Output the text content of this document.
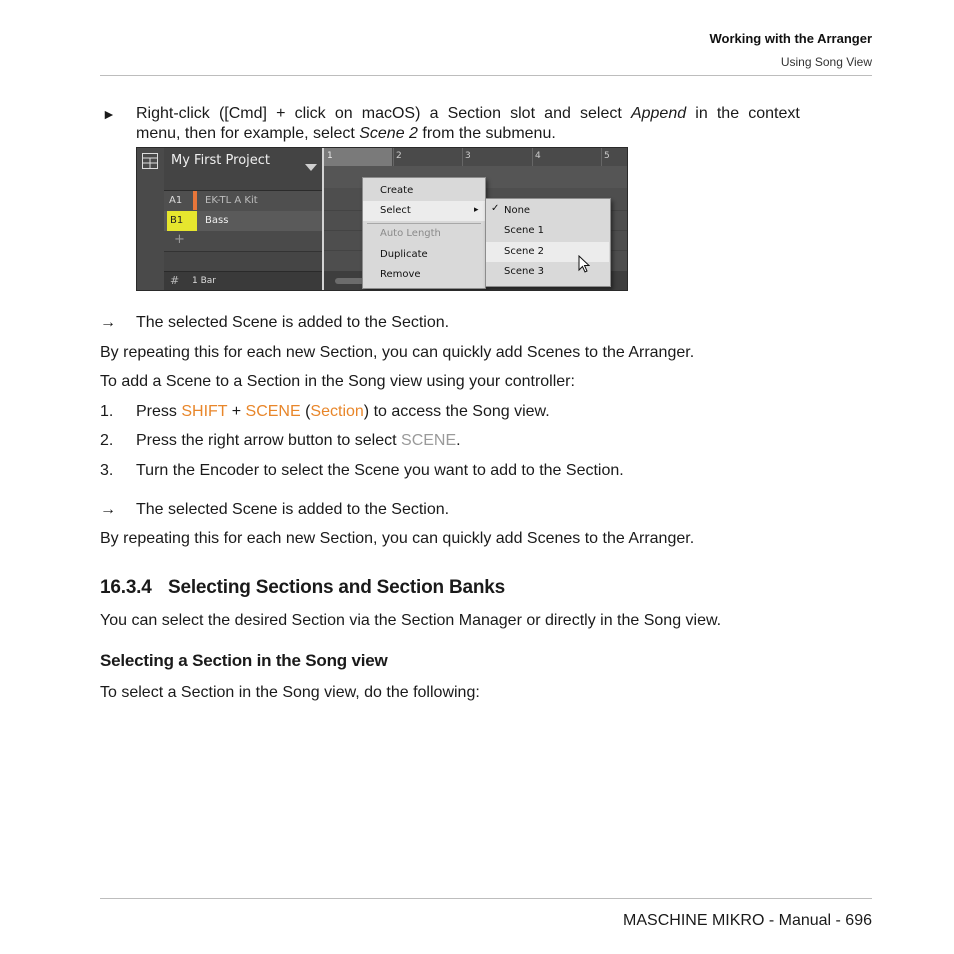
Working with the Arranger
Using Song View
► Right-click ([Cmd] + click on macOS) a Section slot and select Append in the context
menu, then for example, select Scene 2 from the submenu.
My First Project
A1 EK-TL A Kit
B1 Bass
+
# 1 Bar
1	2	3	4	5
Create
Select	▸
Auto Length
Duplicate
Remove
✓ None
Scene 1
Scene 2
Scene 3
→ The selected Scene is added to the Section.
By repeating this for each new Section, you can quickly add Scenes to the Arranger.
To add a Scene to a Section in the Song view using your controller:
1. Press SHIFT + SCENE (Section) to access the Song view.
2. Press the right arrow button to select SCENE.
3. Turn the Encoder to select the Scene you want to add to the Section.
→ The selected Scene is added to the Section.
By repeating this for each new Section, you can quickly add Scenes to the Arranger.
16.3.4 Selecting Sections and Section Banks
You can select the desired Section via the Section Manager or directly in the Song view.
Selecting a Section in the Song view
To select a Section in the Song view, do the following:
MASCHINE MIKRO - Manual - 696
